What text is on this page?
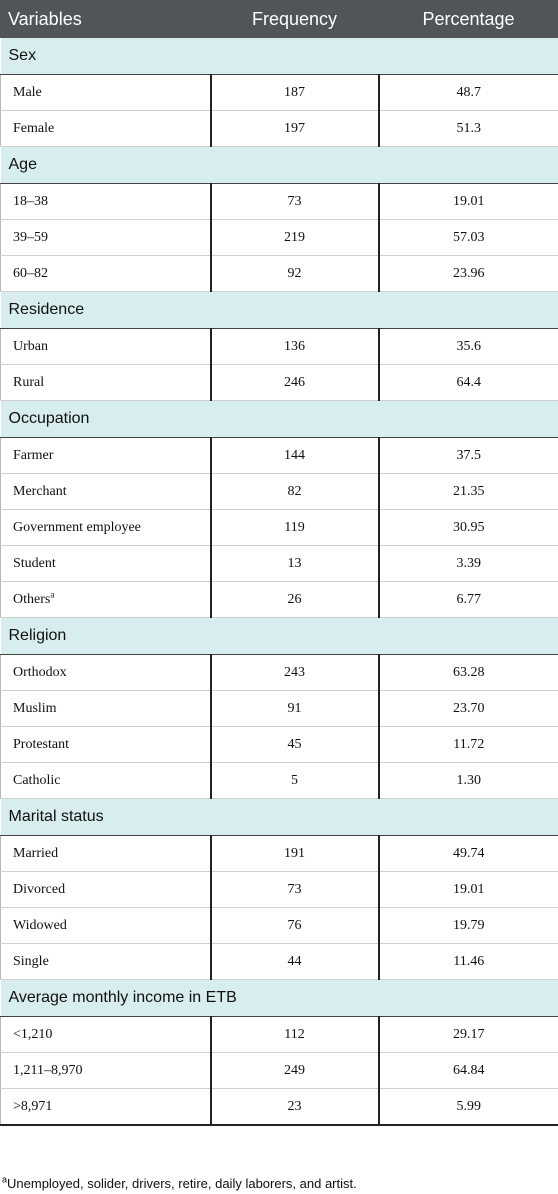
Variables	Frequency	Percentage
Sex		
Male	187	48.7
Female	197	51.3
Age		
18–38	73	19.01
39–59	219	57.03
60–82	92	23.96
Residence		
Urban	136	35.6
Rural	246	64.4
Occupation		
Farmer	144	37.5
Merchant	82	21.35
Government employee	119	30.95
Student	13	3.39
Others$^a$	26	6.77
Religion		
Orthodox	243	63.28
Muslim	91	23.70
Protestant	45	11.72
Catholic	5	1.30
Marital status		
Married	191	49.74
Divorced	73	19.01
Widowed	76	19.79
Single	44	11.46
Average monthly income in ETB		
<1,210	112	29.17
1,211–8,970	249	64.84
>8,971	23	5.99
$^a$Unemployed, solider, drivers, retire, daily laborers, and artist.
